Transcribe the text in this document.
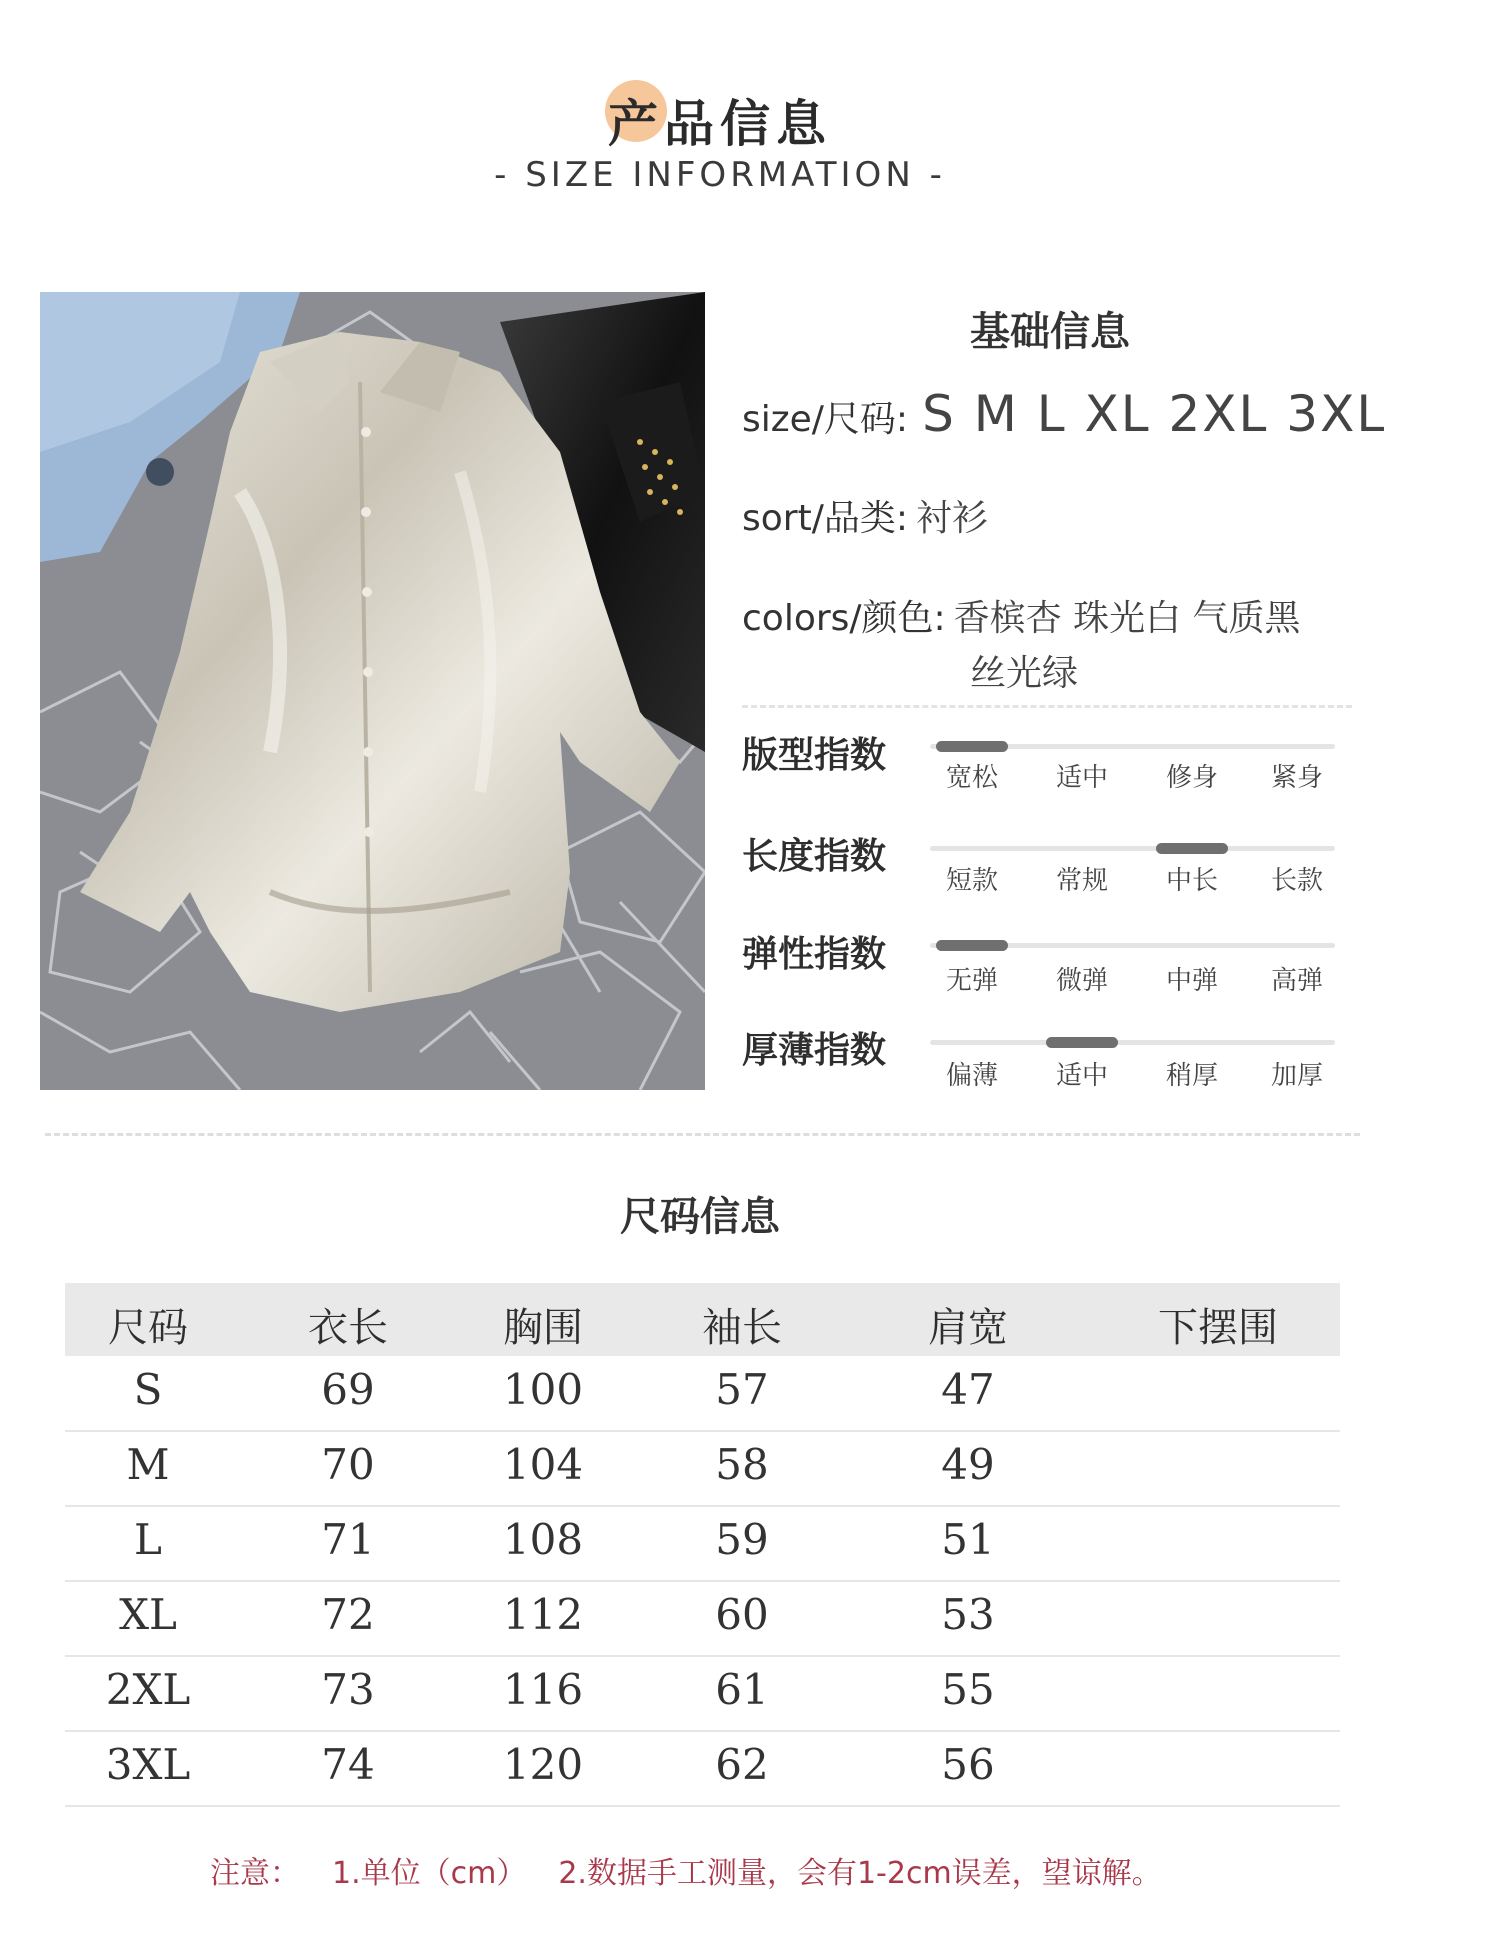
产品信息
- SIZE INFORMATION -
基础信息
size/尺码: S M L XL 2XL 3XL
sort/品类: 衬衫
colors/颜色: 香槟杏 珠光白 气质黑
丝光绿
版型指数
宽松	适中	修身	紧身
长度指数
短款	常规	中长	长款
弹性指数
无弹	微弹	中弹	高弹
厚薄指数
偏薄	适中	稍厚	加厚
尺码信息
尺码	衣长	胸围	袖长	肩宽	下摆围
S	69	100	57	47
M	70	104	58	49
L	71	108	59	51
XL	72	112	60	53
2XL	73	116	61	55
3XL	74	120	62	56
注意： 1.单位（cm） 2.数据手工测量，会有1-2cm误差，望谅解。
